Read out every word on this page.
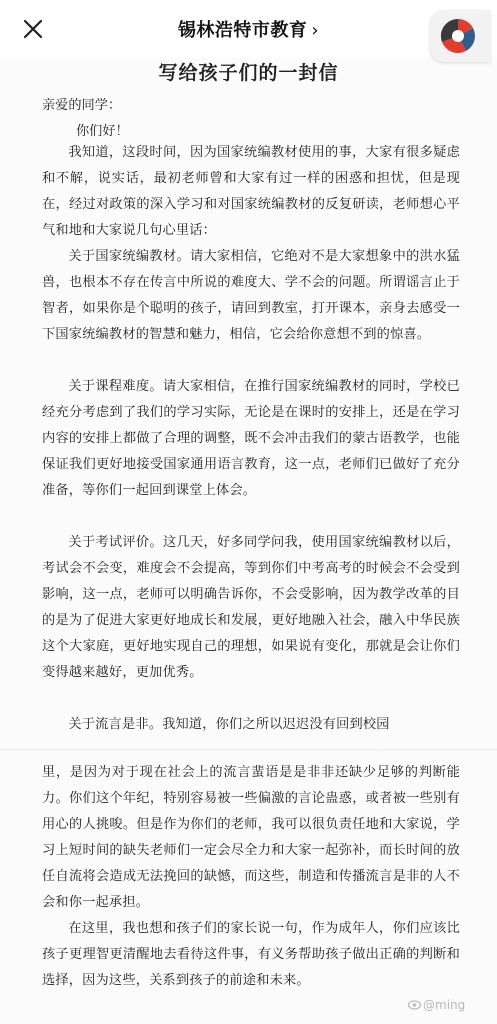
锡林浩特市教育 ›
写给孩子们的一封信
亲爱的同学：
你们好！

我知道，这段时间，因为国家统编教材使用的事，大家有很多疑虑和不解，说实话，最初老师曾和大家有过一样的困惑和担忧，但是现在，经过对政策的深入学习和对国家统编教材的反复研读，老师想心平气和地和大家说几句心里话：

关于国家统编教材。请大家相信，它绝对不是大家想象中的洪水猛兽，也根本不存在传言中所说的难度大、学不会的问题。所谓谣言止于智者，如果你是个聪明的孩子，请回到教室，打开课本，亲身去感受一下国家统编教材的智慧和魅力，相信，它会给你意想不到的惊喜。

关于课程难度。请大家相信，在推行国家统编教材的同时，学校已经充分考虑到了我们的学习实际，无论是在课时的安排上，还是在学习内容的安排上都做了合理的调整，既不会冲击我们的蒙古语教学，也能保证我们更好地接受国家通用语言教育，这一点，老师们已做好了充分准备，等你们一起回到课堂上体会。

关于考试评价。这几天，好多同学问我，使用国家统编教材以后，考试会不会变，难度会不会提高，等到你们中考高考的时候会不会受到影响，这一点，老师可以明确告诉你，不会受影响，因为教学改革的目的是为了促进大家更好地成长和发展，更好地融入社会，融入中华民族这个大家庭，更好地实现自己的理想，如果说有变化，那就是会让你们变得越来越好，更加优秀。

关于流言是非。我知道，你们之所以迟迟没有回到校园

里，是因为对于现在社会上的流言蜚语是是非非还缺少足够的判断能力。你们这个年纪，特别容易被一些偏激的言论蛊惑，或者被一些别有用心的人挑唆。但是作为你们的老师，我可以很负责任地和大家说，学习上短时间的缺失老师们一定会尽全力和大家一起弥补，而长时间的放任自流将会造成无法挽回的缺憾，而这些，制造和传播流言是非的人不会和你一起承担。

在这里，我也想和孩子们的家长说一句，作为成年人，你们应该比孩子更理智更清醒地去看待这件事，有义务帮助孩子做出正确的判断和选择，因为这些，关系到孩子的前途和未来。

@ming
